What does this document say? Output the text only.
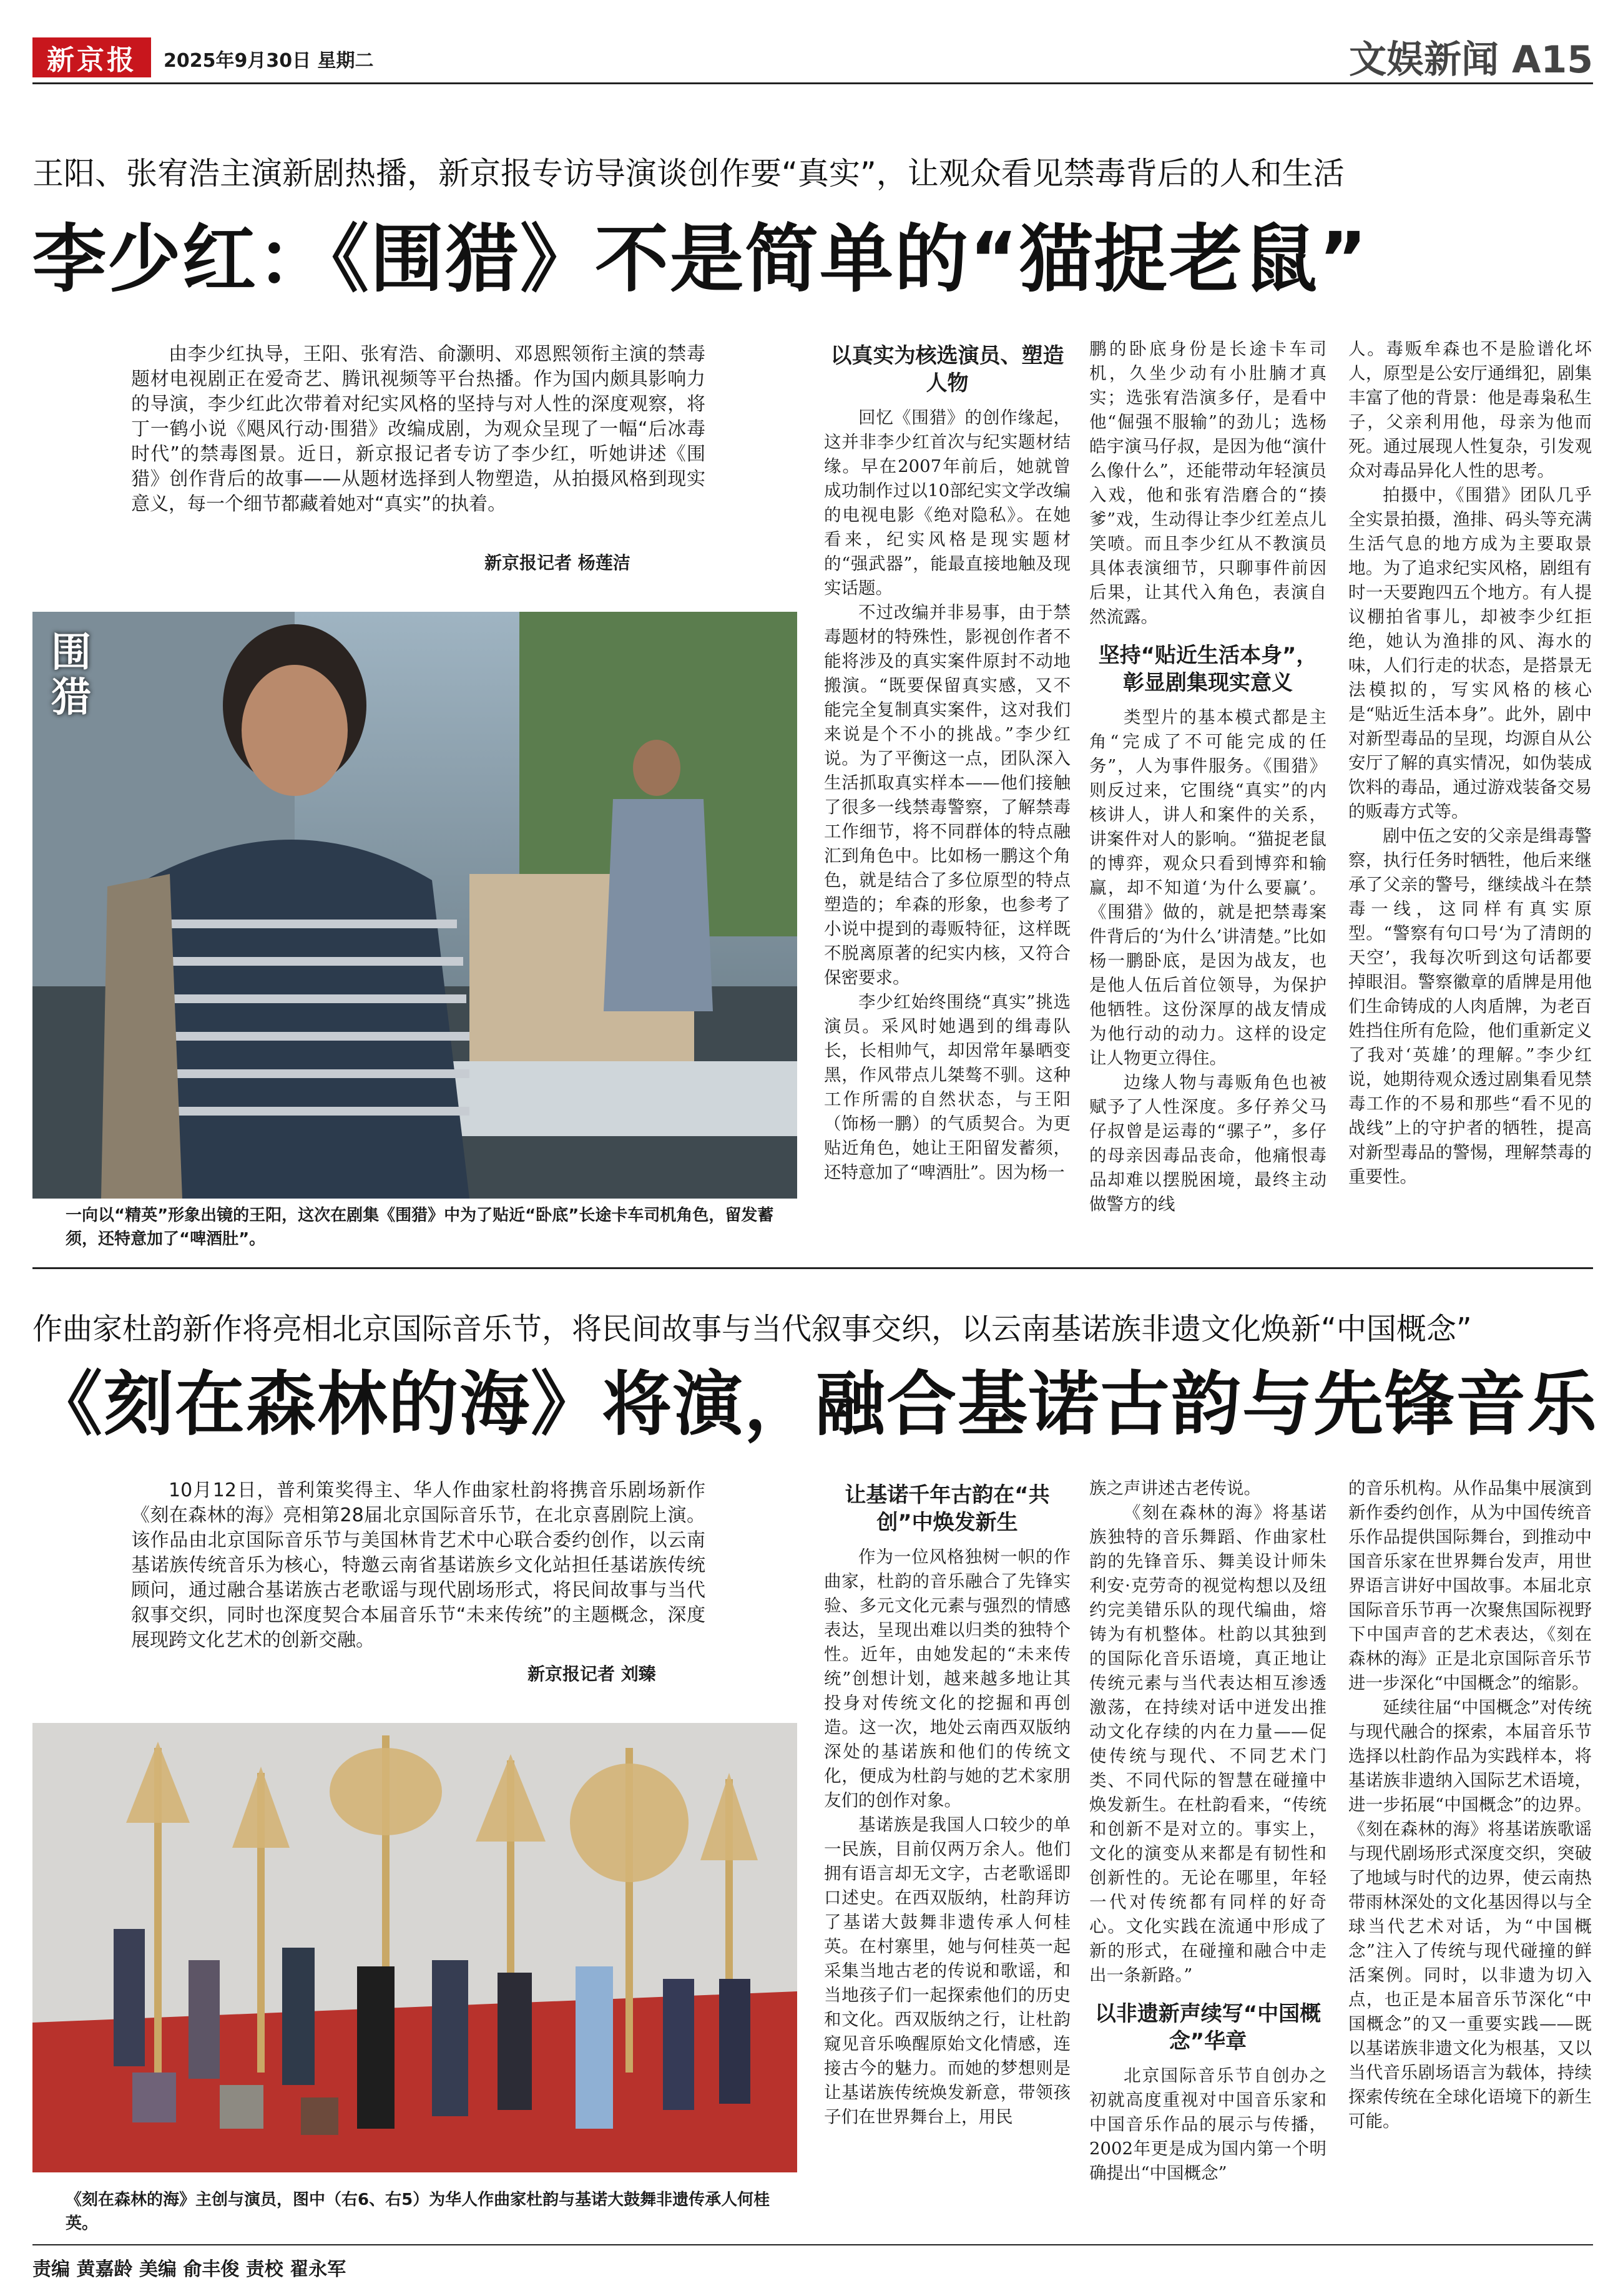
新京报	2025年9月30日 星期二	文娱新闻 A15
王阳、张宥浩主演新剧热播，新京报专访导演谈创作要“真实”，让观众看见禁毒背后的人和生活
李少红：《围猎》不是简单的“猫捉老鼠”
由李少红执导，王阳、张宥浩、俞灏明、邓恩熙领衔主演的禁毒题材电视剧正在爱奇艺、腾讯视频等平台热播。作为国内颇具影响力的导演，李少红此次带着对纪实风格的坚持与对人性的深度观察，将丁一鹤小说《飓风行动·围猎》改编成剧，为观众呈现了一幅“后冰毒时代”的禁毒图景。近日，新京报记者专访了李少红，听她讲述《围猎》创作背后的故事——从题材选择到人物塑造，从拍摄风格到现实意义，每一个细节都藏着她对“真实”的执着。
新京报记者 杨莲洁
围猎
一向以“精英”形象出镜的王阳，这次在剧集《围猎》中为了贴近“卧底”长途卡车司机角色，留发蓄须，还特意加了“啤酒肚”。

以真实为核选演员、塑造人物

回忆《围猎》的创作缘起，这并非李少红首次与纪实题材结缘。早在2007年前后，她就曾成功制作过以10部纪实文学改编的电视电影《绝对隐私》。在她看来，纪实风格是现实题材的“强武器”，能最直接地触及现实话题。

不过改编并非易事，由于禁毒题材的特殊性，影视创作者不能将涉及的真实案件原封不动地搬演。“既要保留真实感，又不能完全复制真实案件，这对我们来说是个不小的挑战。”李少红说。为了平衡这一点，团队深入生活抓取真实样本——他们接触了很多一线禁毒警察，了解禁毒工作细节，将不同群体的特点融汇到角色中。比如杨一鹏这个角色，就是结合了多位原型的特点塑造的；牟森的形象，也参考了小说中提到的毒贩特征，这样既不脱离原著的纪实内核，又符合保密要求。

李少红始终围绕“真实”挑选演员。采风时她遇到的缉毒队长，长相帅气，却因常年暴晒变黑，作风带点儿桀骜不驯。这种工作所需的自然状态，与王阳（饰杨一鹏）的气质契合。为更贴近角色，她让王阳留发蓄须，还特意加了“啤酒肚”。因为杨一

鹏的卧底身份是长途卡车司机，久坐少动有小肚腩才真实；选张宥浩演多仔，是看中他“倔强不服输”的劲儿；选杨皓宇演马仔叔，是因为他“演什么像什么”，还能带动年轻演员入戏，他和张宥浩磨合的“揍爹”戏，生动得让李少红差点儿笑喷。而且李少红从不教演员具体表演细节，只聊事件前因后果，让其代入角色，表演自然流露。

坚持“贴近生活本身”，彰显剧集现实意义

类型片的基本模式都是主角“完成了不可能完成的任务”，人为事件服务。《围猎》则反过来，它围绕“真实”的内核讲人，讲人和案件的关系，讲案件对人的影响。“猫捉老鼠的博弈，观众只看到博弈和输赢，却不知道‘为什么要赢’。《围猎》做的，就是把禁毒案件背后的‘为什么’讲清楚。”比如杨一鹏卧底，是因为战友，也是他人伍后首位领导，为保护他牺牲。这份深厚的战友情成为他行动的动力。这样的设定让人物更立得住。

边缘人物与毒贩角色也被赋予了人性深度。多仔养父马仔叔曾是运毒的“骡子”，多仔的母亲因毒品丧命，他痛恨毒品却难以摆脱困境，最终主动做警方的线

人。毒贩牟森也不是脸谱化坏人，原型是公安厅通缉犯，剧集丰富了他的背景：他是毒枭私生子，父亲利用他，母亲为他而死。通过展现人性复杂，引发观众对毒品异化人性的思考。

拍摄中，《围猎》团队几乎全实景拍摄，渔排、码头等充满生活气息的地方成为主要取景地。为了追求纪实风格，剧组有时一天要跑四五个地方。有人提议棚拍省事儿，却被李少红拒绝，她认为渔排的风、海水的味，人们行走的状态，是搭景无法模拟的，写实风格的核心是“贴近生活本身”。此外，剧中对新型毒品的呈现，均源自从公安厅了解的真实情况，如伪装成饮料的毒品，通过游戏装备交易的贩毒方式等。

剧中伍之安的父亲是缉毒警察，执行任务时牺牲，他后来继承了父亲的警号，继续战斗在禁毒一线，这同样有真实原型。“警察有句口号‘为了清朗的天空’，我每次听到这句话都要掉眼泪。警察徽章的盾牌是用他们生命铸成的人肉盾牌，为老百姓挡住所有危险，他们重新定义了我对‘英雄’的理解。”李少红说，她期待观众透过剧集看见禁毒工作的不易和那些“看不见的战线”上的守护者的牺牲，提高对新型毒品的警惕，理解禁毒的重要性。

作曲家杜韵新作将亮相北京国际音乐节，将民间故事与当代叙事交织，以云南基诺族非遗文化焕新“中国概念”
《刻在森林的海》将演，融合基诺古韵与先锋音乐
10月12日，普利策奖得主、华人作曲家杜韵将携音乐剧场新作《刻在森林的海》亮相第28届北京国际音乐节，在北京喜剧院上演。该作品由北京国际音乐节与美国林肯艺术中心联合委约创作，以云南基诺族传统音乐为核心，特邀云南省基诺族乡文化站担任基诺族传统顾问，通过融合基诺族古老歌谣与现代剧场形式，将民间故事与当代叙事交织，同时也深度契合本届音乐节“未来传统”的主题概念，深度展现跨文化艺术的创新交融。
新京报记者 刘臻
《刻在森林的海》主创与演员，图中（右6、右5）为华人作曲家杜韵与基诺大鼓舞非遗传承人何桂英。

让基诺千年古韵在“共创”中焕发新生

作为一位风格独树一帜的作曲家，杜韵的音乐融合了先锋实验、多元文化元素与强烈的情感表达，呈现出难以归类的独特个性。近年，由她发起的“未来传统”创想计划，越来越多地让其投身对传统文化的挖掘和再创造。这一次，地处云南西双版纳深处的基诺族和他们的传统文化，便成为杜韵与她的艺术家朋友们的创作对象。

基诺族是我国人口较少的单一民族，目前仅两万余人。他们拥有语言却无文字，古老歌谣即口述史。在西双版纳，杜韵拜访了基诺大鼓舞非遗传承人何桂英。在村寨里，她与何桂英一起采集当地古老的传说和歌谣，和当地孩子们一起探索他们的历史和文化。西双版纳之行，让杜韵窥见音乐唤醒原始文化情感，连接古今的魅力。而她的梦想则是让基诺族传统焕发新意，带领孩子们在世界舞台上，用民

族之声讲述古老传说。

《刻在森林的海》将基诺族独特的音乐舞蹈、作曲家杜韵的先锋音乐、舞美设计师朱利安·克劳奇的视觉构想以及纽约完美错乐队的现代编曲，熔铸为有机整体。杜韵以其独到的国际化音乐语境，真正地让传统元素与当代表达相互渗透激荡，在持续对话中迸发出推动文化存续的内在力量——促使传统与现代、不同艺术门类、不同代际的智慧在碰撞中焕发新生。在杜韵看来，“传统和创新不是对立的。事实上，文化的演变从来都是有韧性和创新性的。无论在哪里，年轻一代对传统都有同样的好奇心。文化实践在流通中形成了新的形式，在碰撞和融合中走出一条新路。”

以非遗新声续写“中国概念”华章

北京国际音乐节自创办之初就高度重视对中国音乐家和中国音乐作品的展示与传播，2002年更是成为国内第一个明确提出“中国概念”

的音乐机构。从作品集中展演到新作委约创作，从为中国传统音乐作品提供国际舞台，到推动中国音乐家在世界舞台发声，用世界语言讲好中国故事。本届北京国际音乐节再一次聚焦国际视野下中国声音的艺术表达，《刻在森林的海》正是北京国际音乐节进一步深化“中国概念”的缩影。

延续往届“中国概念”对传统与现代融合的探索，本届音乐节选择以杜韵作品为实践样本，将基诺族非遗纳入国际艺术语境，进一步拓展“中国概念”的边界。《刻在森林的海》将基诺族歌谣与现代剧场形式深度交织，突破了地域与时代的边界，使云南热带雨林深处的文化基因得以与全球当代艺术对话，为“中国概念”注入了传统与现代碰撞的鲜活案例。同时，以非遗为切入点，也正是本届音乐节深化“中国概念”的又一重要实践——既以基诺族非遗文化为根基，又以当代音乐剧场语言为载体，持续探索传统在全球化语境下的新生可能。

责编 黄嘉龄 美编 俞丰俊 责校 翟永军
